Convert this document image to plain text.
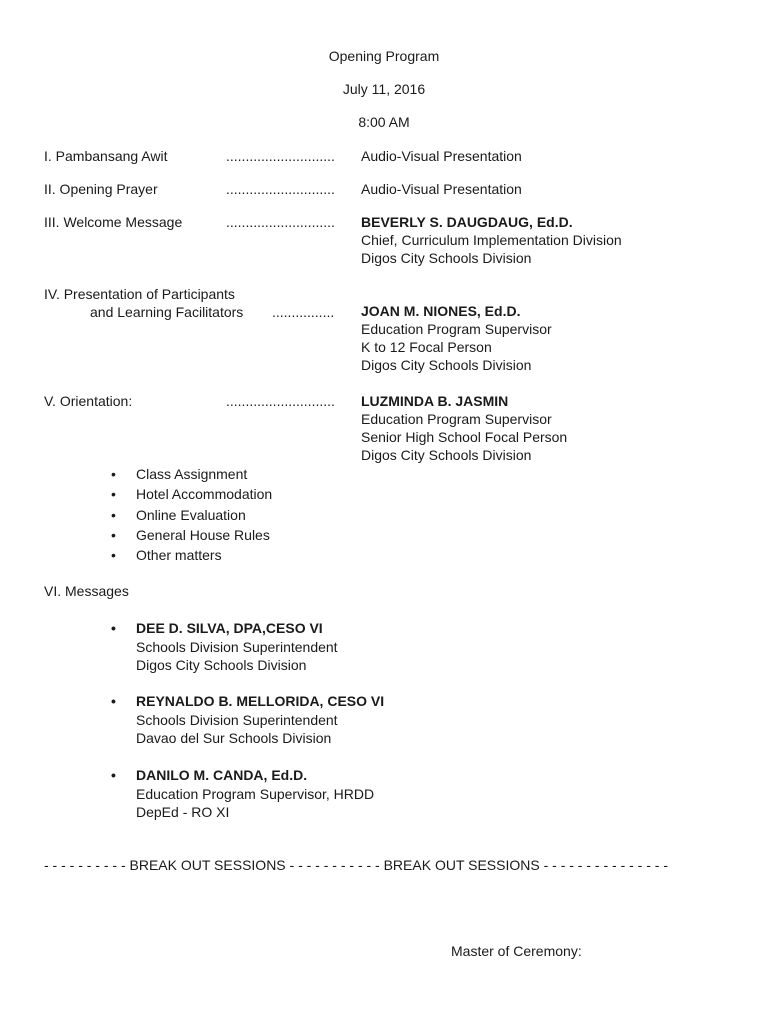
Opening Program
July 11, 2016
8:00 AM
I. Pambansang Awit	............................ Audio-Visual Presentation
II. Opening Prayer	............................ Audio-Visual Presentation
III. Welcome Message	............................ BEVERLY S. DAUGDAUG, Ed.D.
Chief, Curriculum Implementation Division
Digos City Schools Division
IV. Presentation of Participants
and Learning Facilitators ................ JOAN M. NIONES, Ed.D.
Education Program Supervisor
K to 12 Focal Person
Digos City Schools Division
V. Orientation:	............................ LUZMINDA B. JASMIN
Education Program Supervisor
Senior High School Focal Person
Digos City Schools Division
• Class Assignment
• Hotel Accommodation
• Online Evaluation
• General House Rules
• Other matters
VI. Messages
• DEE D. SILVA, DPA,CESO VI
Schools Division Superintendent
Digos City Schools Division
• REYNALDO B. MELLORIDA, CESO VI
Schools Division Superintendent
Davao del Sur Schools Division
• DANILO M. CANDA, Ed.D.
Education Program Supervisor, HRDD
DepEd - RO XI
- - - - - - - - - - BREAK OUT SESSIONS - - - - - - - - - - - BREAK OUT SESSIONS - - - - - - - - - - - - - - -
Master of Ceremony:
